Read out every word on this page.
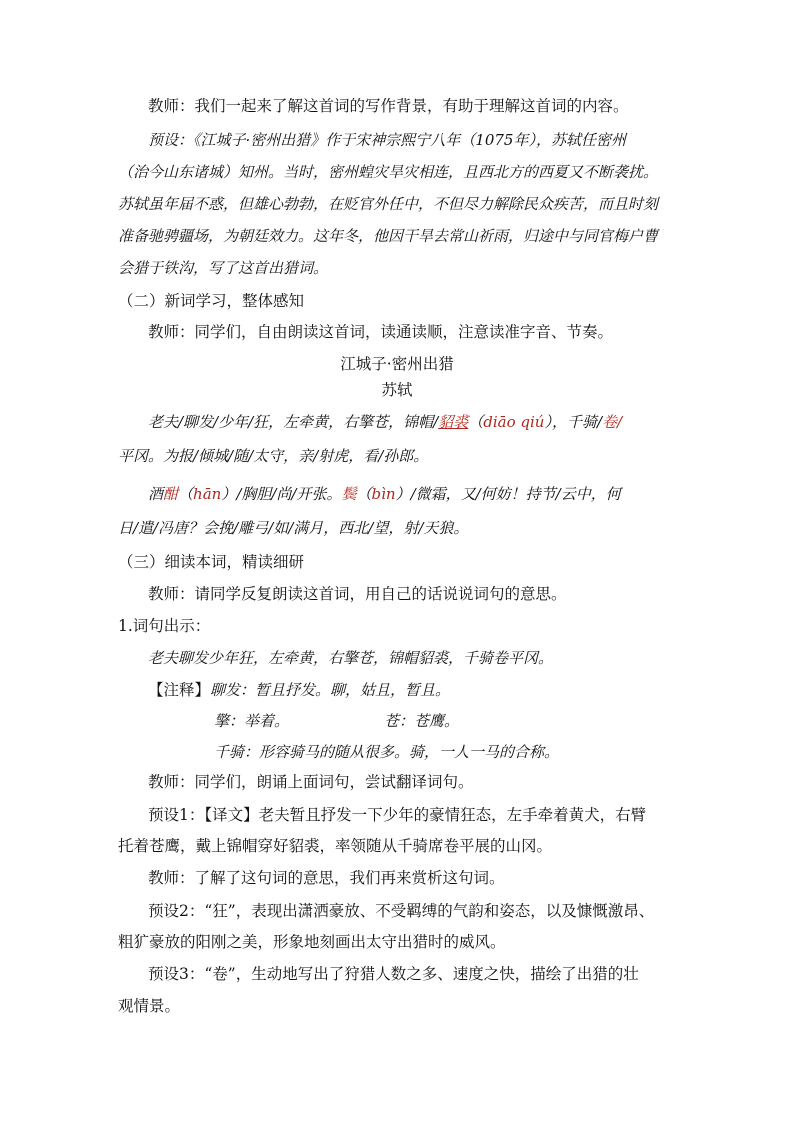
教师：我们一起来了解这首词的写作背景，有助于理解这首词的内容。
预设：《江城子·密州出猎》作于宋神宗熙宁八年（1075年），苏轼任密州
（治今山东诸城）知州。当时，密州蝗灾旱灾相连，且西北方的西夏又不断袭扰。
苏轼虽年届不惑，但雄心勃勃，在贬官外任中，不但尽力解除民众疾苦，而且时刻
准备驰骋疆场，为朝廷效力。这年冬，他因干旱去常山祈雨，归途中与同官梅户曹
会猎于铁沟，写了这首出猎词。
（二）新词学习，整体感知
教师：同学们，自由朗读这首词，读通读顺，注意读准字音、节奏。
江城子·密州出猎
苏轼
老夫/聊发/少年/狂，左牵黄，右擎苍，锦帽/貂裘（diāo qiú），千骑/卷/
平冈。为报/倾城/随/太守，亲/射虎，看/孙郎。
酒酣（hān）/胸胆/尚/开张。鬓（bìn）/微霜，又/何妨！持节/云中，何
日/遣/冯唐？会挽/雕弓/如/满月，西北/望，射/天狼。
（三）细读本词，精读细研
教师：请同学反复朗读这首词，用自己的话说说词句的意思。
1.词句出示：
老夫聊发少年狂，左牵黄，右擎苍，锦帽貂裘，千骑卷平冈。
【注释】聊发：暂且抒发。聊，姑且，暂且。
擎：举着。	苍：苍鹰。
千骑：形容骑马的随从很多。骑，一人一马的合称。
教师：同学们，朗诵上面词句，尝试翻译词句。
预设1：【译文】老夫暂且抒发一下少年的豪情狂态，左手牵着黄犬，右臂
托着苍鹰，戴上锦帽穿好貂裘，率领随从千骑席卷平展的山冈。
教师：了解了这句词的意思，我们再来赏析这句词。
预设2：“狂”，表现出潇洒豪放、不受羁缚的气韵和姿态，以及慷慨激昂、
粗犷豪放的阳刚之美，形象地刻画出太守出猎时的威风。
预设3：“卷”，生动地写出了狩猎人数之多、速度之快，描绘了出猎的壮
观情景。
